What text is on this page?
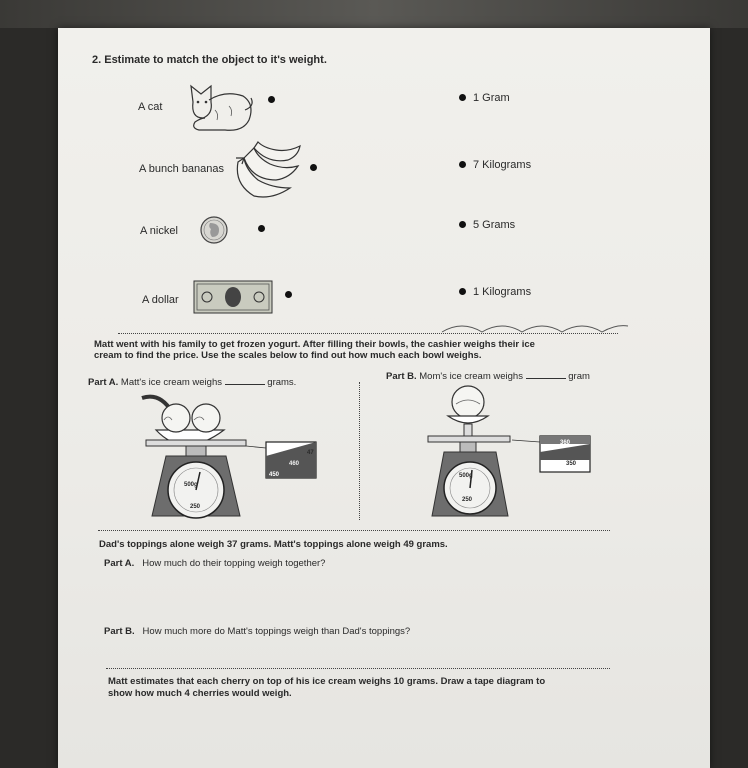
2. Estimate to match the object to it's weight.
A cat
A bunch bananas
A nickel
A dollar
1 Gram
7 Kilograms
5 Grams
1 Kilograms
Matt went with his family to get frozen yogurt. After filling their bowls, the cashier weighs their ice
cream to find the price. Use the scales below to find out how much each bowl weighs.
Part A. Matt's ice cream weighs	grams.
Part B. Mom's ice cream weighs	gram
500g
250
47
460
450	500g
250
360
350
Dad's toppings alone weigh 37 grams. Matt's toppings alone weigh 49 grams.
Part A. How much do their topping weigh together?
Part B. How much more do Matt's toppings weigh than Dad's toppings?
Matt estimates that each cherry on top of his ice cream weighs 10 grams. Draw a tape diagram to
show how much 4 cherries would weigh.
